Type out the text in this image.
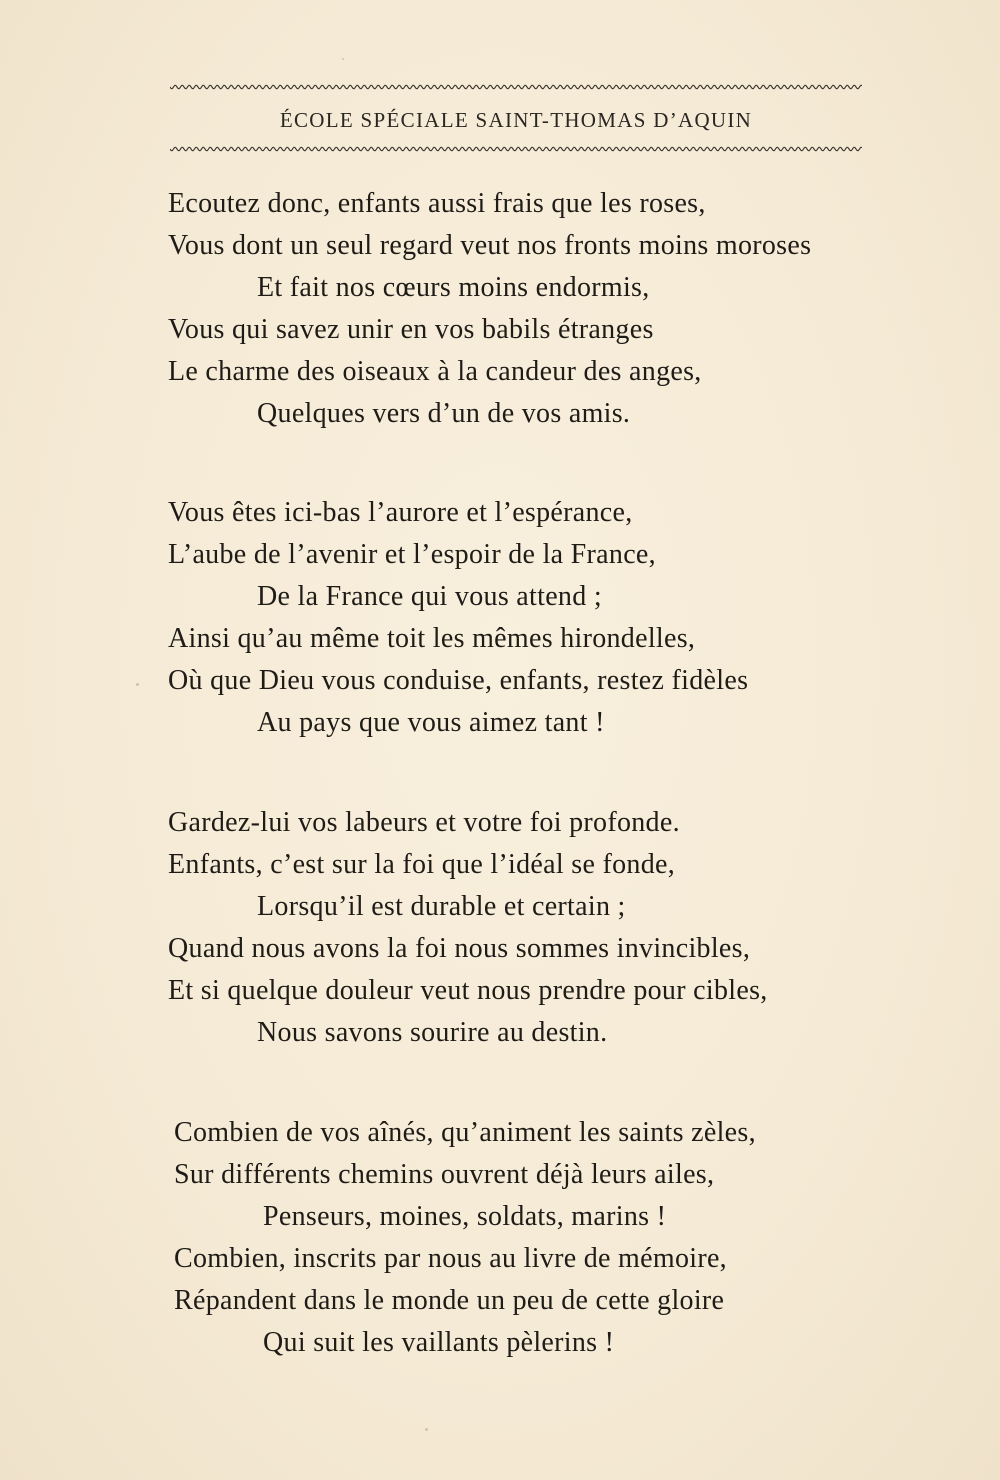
ÉCOLE SPÉCIALE SAINT-THOMAS D’AQUIN
Ecoutez donc, enfants aussi frais que les roses,
Vous dont un seul regard veut nos fronts moins moroses
Et fait nos cœurs moins endormis,
Vous qui savez unir en vos babils étranges
Le charme des oiseaux à la candeur des anges,
Quelques vers d’un de vos amis.
Vous êtes ici-bas l’aurore et l’espérance,
L’aube de l’avenir et l’espoir de la France,
De la France qui vous attend ;
Ainsi qu’au même toit les mêmes hirondelles,
Où que Dieu vous conduise, enfants, restez fidèles
Au pays que vous aimez tant !
Gardez-lui vos labeurs et votre foi profonde.
Enfants, c’est sur la foi que l’idéal se fonde,
Lorsqu’il est durable et certain ;
Quand nous avons la foi nous sommes invincibles,
Et si quelque douleur veut nous prendre pour cibles,
Nous savons sourire au destin.
Combien de vos aînés, qu’animent les saints zèles,
Sur différents chemins ouvrent déjà leurs ailes,
Penseurs, moines, soldats, marins !
Combien, inscrits par nous au livre de mémoire,
Répandent dans le monde un peu de cette gloire
Qui suit les vaillants pèlerins !
